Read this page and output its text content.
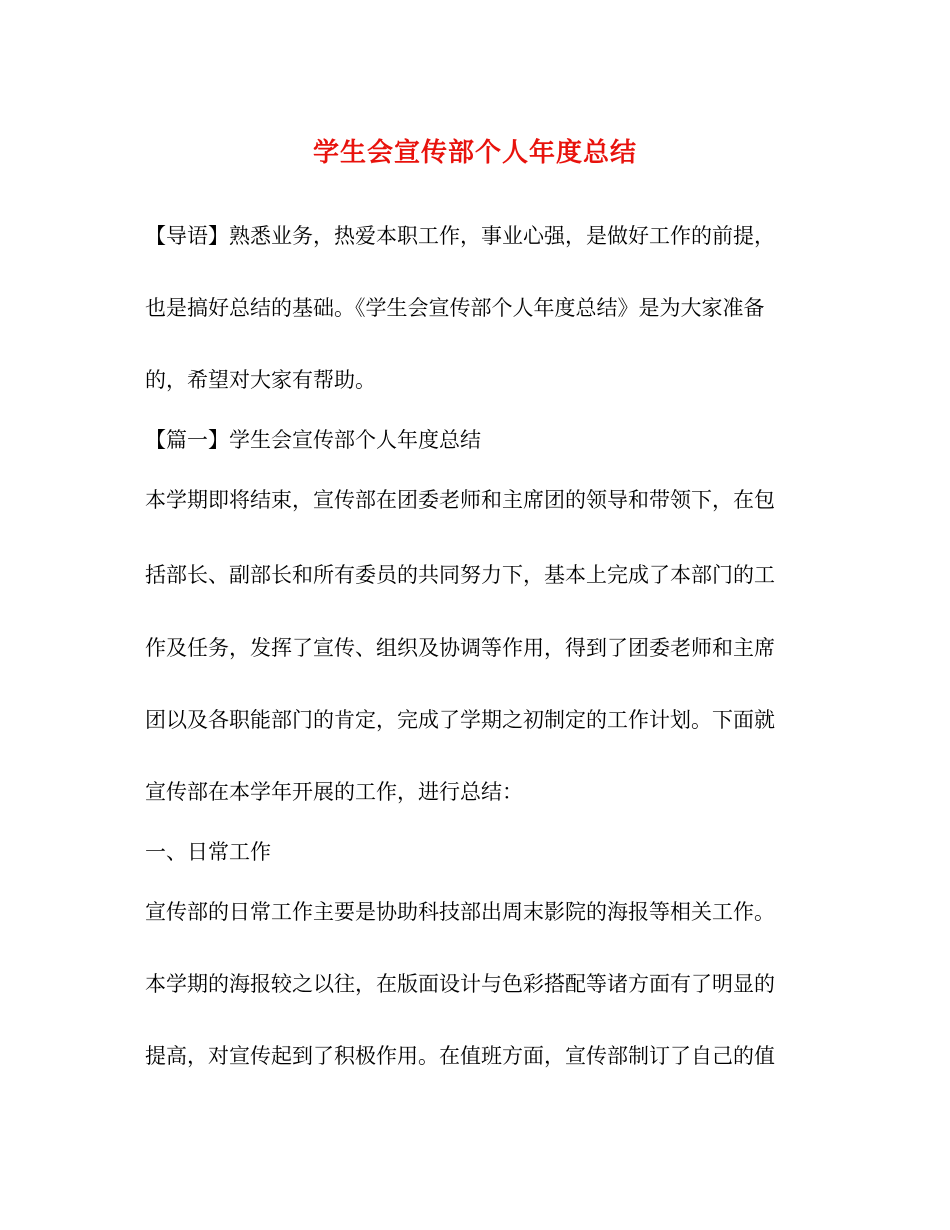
学生会宣传部个人年度总结
【导语】熟悉业务，热爱本职工作，事业心强，是做好工作的前提，
也是搞好总结的基础。《学生会宣传部个人年度总结》是为大家准备
的，希望对大家有帮助。
【篇一】学生会宣传部个人年度总结
本学期即将结束，宣传部在团委老师和主席团的领导和带领下，在包
括部长、副部长和所有委员的共同努力下，基本上完成了本部门的工
作及任务，发挥了宣传、组织及协调等作用，得到了团委老师和主席
团以及各职能部门的肯定，完成了学期之初制定的工作计划。下面就
宣传部在本学年开展的工作，进行总结：
一、日常工作
宣传部的日常工作主要是协助科技部出周末影院的海报等相关工作。
本学期的海报较之以往，在版面设计与色彩搭配等诸方面有了明显的
提高，对宣传起到了积极作用。在值班方面，宣传部制订了自己的值
